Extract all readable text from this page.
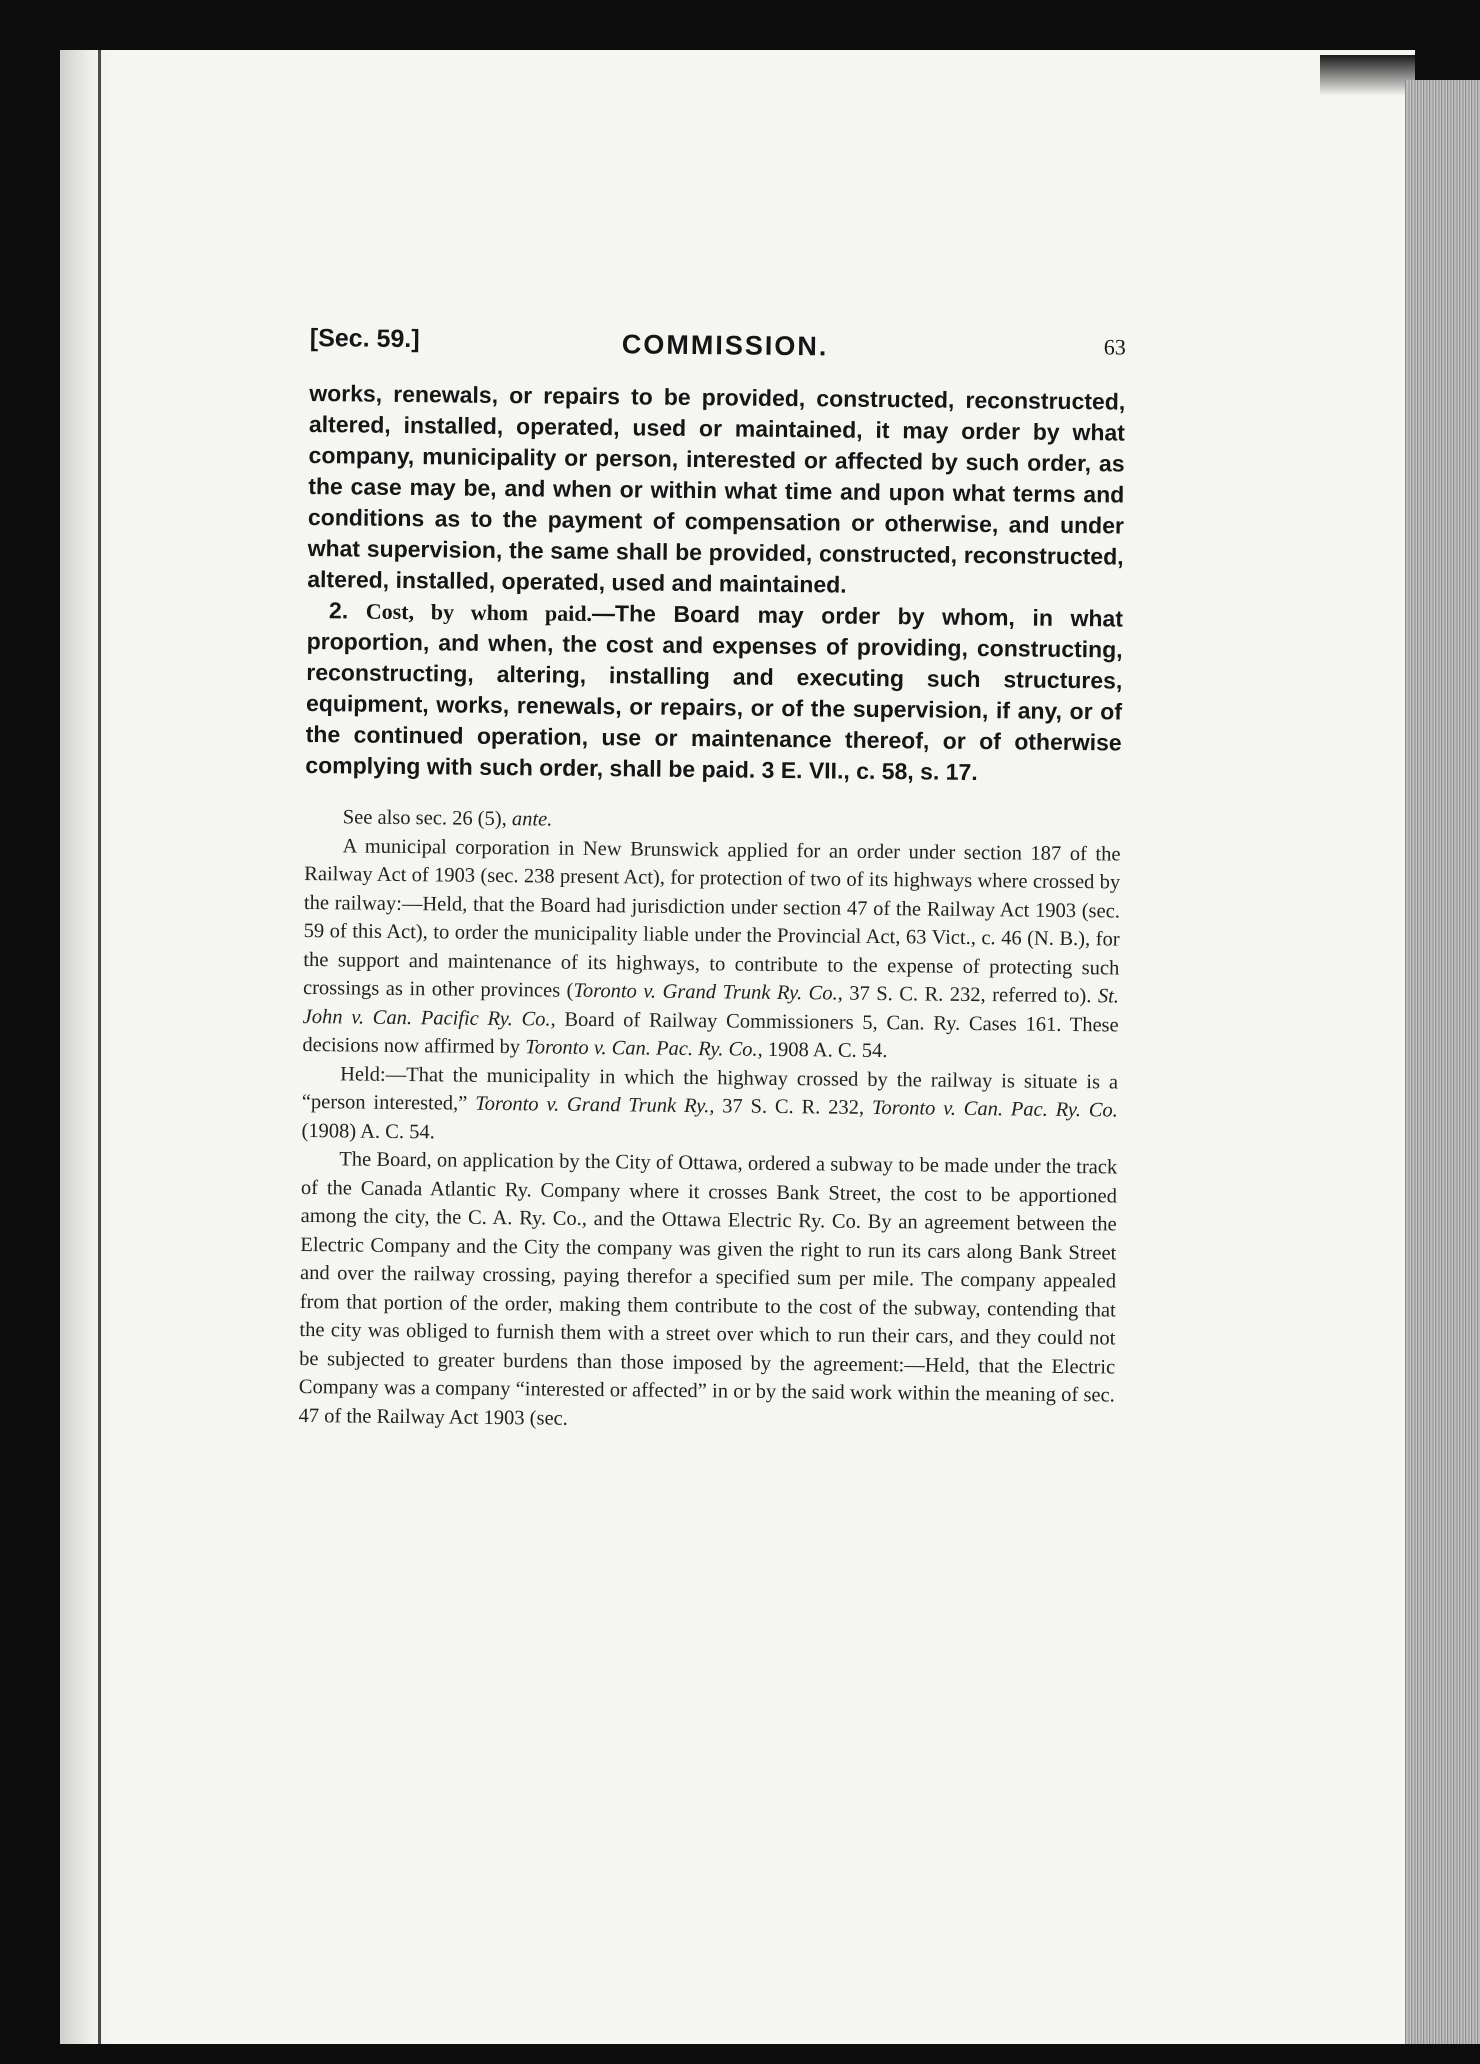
[Sec. 59.]	COMMISSION.	63

works, renewals, or repairs to be provided, constructed, reconstructed, altered, installed, operated, used or maintained, it may order by what company, municipality or person, interested or affected by such order, as the case may be, and when or within what time and upon what terms and conditions as to the payment of compensation or otherwise, and under what supervision, the same shall be provided, constructed, reconstructed, altered, installed, operated, used and maintained.

2. Cost, by whom paid.—The Board may order by whom, in what proportion, and when, the cost and expenses of providing, constructing, reconstructing, altering, installing and executing such structures, equipment, works, renewals, or repairs, or of the supervision, if any, or of the continued operation, use or maintenance thereof, or of otherwise complying with such order, shall be paid. 3 E. VII., c. 58, s. 17.

See also sec. 26 (5), ante.

A municipal corporation in New Brunswick applied for an order under section 187 of the Railway Act of 1903 (sec. 238 present Act), for protection of two of its highways where crossed by the railway:—Held, that the Board had jurisdiction under section 47 of the Railway Act 1903 (sec. 59 of this Act), to order the municipality liable under the Provincial Act, 63 Vict., c. 46 (N. B.), for the support and maintenance of its highways, to contribute to the expense of protecting such crossings as in other provinces (Toronto v. Grand Trunk Ry. Co., 37 S. C. R. 232, referred to). St. John v. Can. Pacific Ry. Co., Board of Railway Commissioners 5, Can. Ry. Cases 161. These decisions now affirmed by Toronto v. Can. Pac. Ry. Co., 1908 A. C. 54.

Held:—That the municipality in which the highway crossed by the railway is situate is a “person interested,” Toronto v. Grand Trunk Ry., 37 S. C. R. 232, Toronto v. Can. Pac. Ry. Co. (1908) A. C. 54.

The Board, on application by the City of Ottawa, ordered a subway to be made under the track of the Canada Atlantic Ry. Company where it crosses Bank Street, the cost to be apportioned among the city, the C. A. Ry. Co., and the Ottawa Electric Ry. Co. By an agreement between the Electric Company and the City the company was given the right to run its cars along Bank Street and over the railway crossing, paying therefor a specified sum per mile. The company appealed from that portion of the order, making them contribute to the cost of the subway, contending that the city was obliged to furnish them with a street over which to run their cars, and they could not be subjected to greater burdens than those imposed by the agreement:—Held, that the Electric Company was a company “interested or affected” in or by the said work within the meaning of sec. 47 of the Railway Act 1903 (sec.
